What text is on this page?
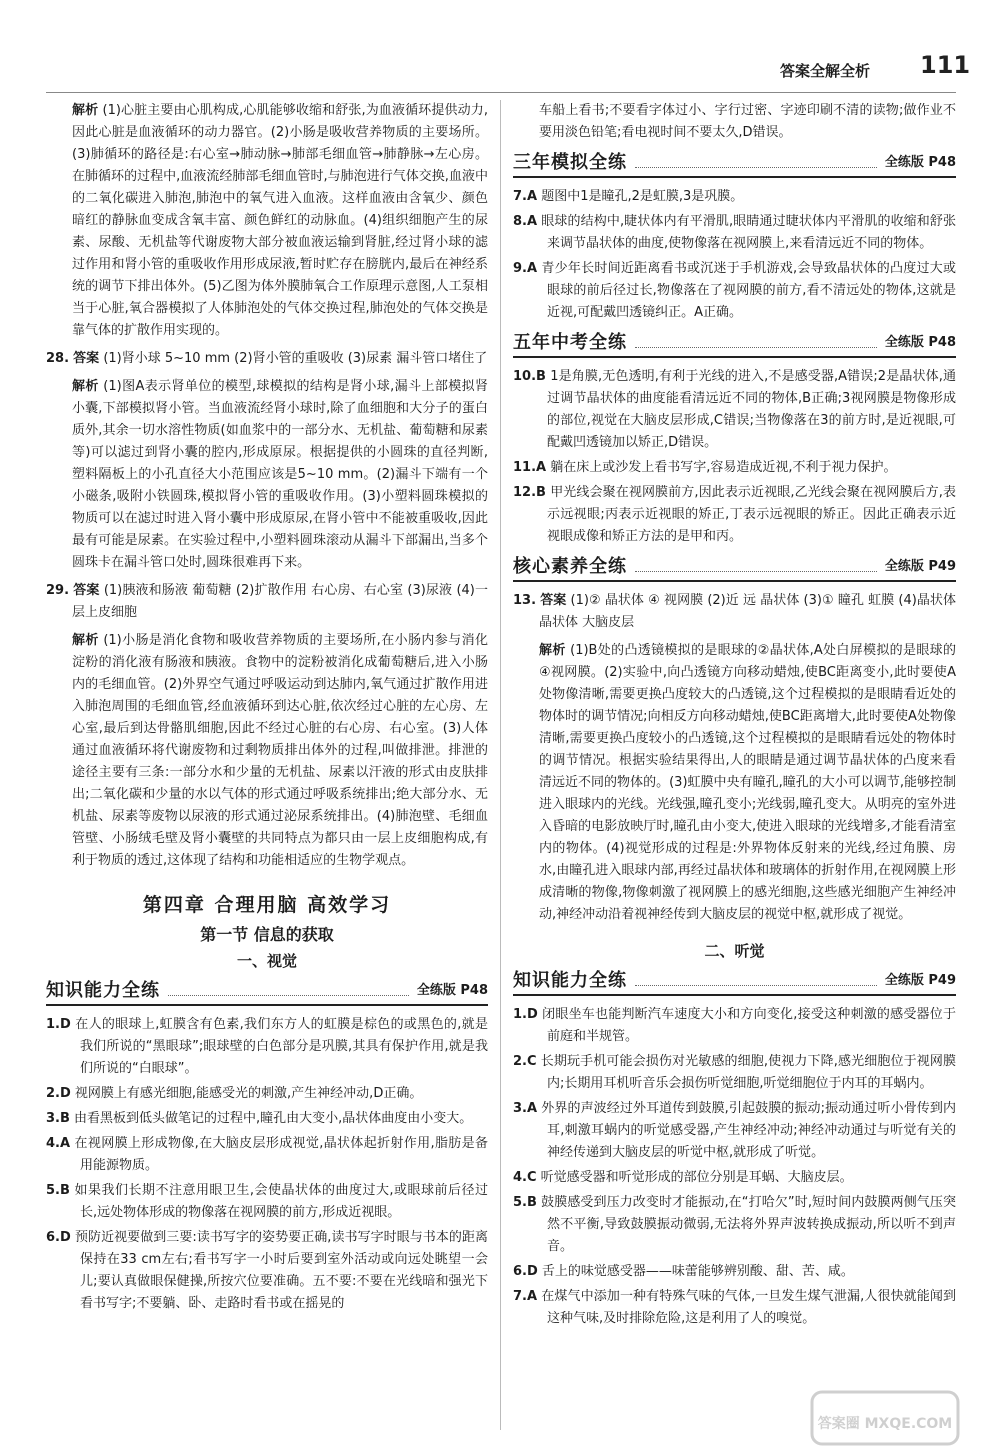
答案全解全析 111
解析 (1)心脏主要由心肌构成,心肌能够收缩和舒张,为血液循环提供动力,因此心脏是血液循环的动力器官。(2)小肠是吸收营养物质的主要场所。(3)肺循环的路径是:右心室→肺动脉→肺部毛细血管→肺静脉→左心房。在肺循环的过程中,血液流经肺部毛细血管时,与肺泡进行气体交换,血液中的二氧化碳进入肺泡,肺泡中的氧气进入血液。这样血液由含氧少、颜色暗红的静脉血变成含氧丰富、颜色鲜红的动脉血。(4)组织细胞产生的尿素、尿酸、无机盐等代谢废物大部分被血液运输到肾脏,经过肾小球的滤过作用和肾小管的重吸收作用形成尿液,暂时贮存在膀胱内,最后在神经系统的调节下排出体外。(5)乙图为体外膜肺氧合工作原理示意图,人工泵相当于心脏,氧合器模拟了人体肺泡处的气体交换过程,肺泡处的气体交换是靠气体的扩散作用实现的。
28. 答案 (1)肾小球 5~10 mm (2)肾小管的重吸收 (3)尿素 漏斗管口堵住了
解析 (1)图A表示肾单位的模型,球模拟的结构是肾小球,漏斗上部模拟肾小囊,下部模拟肾小管。当血液流经肾小球时,除了血细胞和大分子的蛋白质外,其余一切水溶性物质(如血浆中的一部分水、无机盐、葡萄糖和尿素等)可以滤过到肾小囊的腔内,形成原尿。根据提供的小圆珠的直径判断,塑料隔板上的小孔直径大小范围应该是5~10 mm。(2)漏斗下端有一个小磁条,吸附小铁圆珠,模拟肾小管的重吸收作用。(3)小塑料圆珠模拟的物质可以在滤过时进入肾小囊中形成原尿,在肾小管中不能被重吸收,因此最有可能是尿素。在实验过程中,小塑料圆珠滚动从漏斗下部漏出,当多个圆珠卡在漏斗管口处时,圆珠很难再下来。
29. 答案 (1)胰液和肠液 葡萄糖 (2)扩散作用 右心房、右心室 (3)尿液 (4)一层上皮细胞
解析 (1)小肠是消化食物和吸收营养物质的主要场所,在小肠内参与消化淀粉的消化液有肠液和胰液。食物中的淀粉被消化成葡萄糖后,进入小肠内的毛细血管。(2)外界空气通过呼吸运动到达肺内,氧气通过扩散作用进入肺泡周围的毛细血管,经血液循环到达心脏,依次经过心脏的左心房、左心室,最后到达骨骼肌细胞,因此不经过心脏的右心房、右心室。(3)人体通过血液循环将代谢废物和过剩物质排出体外的过程,叫做排泄。排泄的途径主要有三条:一部分水和少量的无机盐、尿素以汗液的形式由皮肤排出;二氧化碳和少量的水以气体的形式通过呼吸系统排出;绝大部分水、无机盐、尿素等废物以尿液的形式通过泌尿系统排出。(4)肺泡壁、毛细血管壁、小肠绒毛壁及肾小囊壁的共同特点为都只由一层上皮细胞构成,有利于物质的透过,这体现了结构和功能相适应的生物学观点。
第四章 合理用脑 高效学习
第一节 信息的获取
一、视觉
知识能力全练	全练版 P48
1.D 在人的眼球上,虹膜含有色素,我们东方人的虹膜是棕色的或黑色的,就是我们所说的“黑眼球”;眼球壁的白色部分是巩膜,其具有保护作用,就是我们所说的“白眼球”。
2.D 视网膜上有感光细胞,能感受光的刺激,产生神经冲动,D正确。
3.B 由看黑板到低头做笔记的过程中,瞳孔由大变小,晶状体曲度由小变大。
4.A 在视网膜上形成物像,在大脑皮层形成视觉,晶状体起折射作用,脂肪是备用能源物质。
5.B 如果我们长期不注意用眼卫生,会使晶状体的曲度过大,或眼球前后径过长,远处物体形成的物像落在视网膜的前方,形成近视眼。
6.D 预防近视要做到三要:读书写字的姿势要正确,读书写字时眼与书本的距离保持在33 cm左右;看书写字一小时后要到室外活动或向远处眺望一会儿;要认真做眼保健操,所按穴位要准确。五不要:不要在光线暗和强光下看书写字;不要躺、卧、走路时看书或在摇晃的
车船上看书;不要看字体过小、字行过密、字迹印刷不清的读物;做作业不要用淡色铅笔;看电视时间不要太久,D错误。
三年模拟全练	全练版 P48
7.A 题图中1是瞳孔,2是虹膜,3是巩膜。
8.A 眼球的结构中,睫状体内有平滑肌,眼睛通过睫状体内平滑肌的收缩和舒张来调节晶状体的曲度,使物像落在视网膜上,来看清远近不同的物体。
9.A 青少年长时间近距离看书或沉迷于手机游戏,会导致晶状体的凸度过大或眼球的前后径过长,物像落在了视网膜的前方,看不清远处的物体,这就是近视,可配戴凹透镜纠正。A正确。
五年中考全练	全练版 P48
10.B 1是角膜,无色透明,有利于光线的进入,不是感受器,A错误;2是晶状体,通过调节晶状体的曲度能看清远近不同的物体,B正确;3视网膜是物像形成的部位,视觉在大脑皮层形成,C错误;当物像落在3的前方时,是近视眼,可配戴凹透镜加以矫正,D错误。
11.A 躺在床上或沙发上看书写字,容易造成近视,不利于视力保护。
12.B 甲光线会聚在视网膜前方,因此表示近视眼,乙光线会聚在视网膜后方,表示远视眼;丙表示近视眼的矫正,丁表示远视眼的矫正。因此正确表示近视眼成像和矫正方法的是甲和丙。
核心素养全练	全练版 P49
13. 答案 (1)② 晶状体 ④ 视网膜 (2)近 远 晶状体 (3)① 瞳孔 虹膜 (4)晶状体 晶状体 大脑皮层
解析 (1)B处的凸透镜模拟的是眼球的②晶状体,A处白屏模拟的是眼球的④视网膜。(2)实验中,向凸透镜方向移动蜡烛,使BC距离变小,此时要使A处物像清晰,需要更换凸度较大的凸透镜,这个过程模拟的是眼睛看近处的物体时的调节情况;向相反方向移动蜡烛,使BC距离增大,此时要使A处物像清晰,需要更换凸度较小的凸透镜,这个过程模拟的是眼睛看远处的物体时的调节情况。根据实验结果得出,人的眼睛是通过调节晶状体的凸度来看清远近不同的物体的。(3)虹膜中央有瞳孔,瞳孔的大小可以调节,能够控制进入眼球内的光线。光线强,瞳孔变小;光线弱,瞳孔变大。从明亮的室外进入昏暗的电影放映厅时,瞳孔由小变大,使进入眼球的光线增多,才能看清室内的物体。(4)视觉形成的过程是:外界物体反射来的光线,经过角膜、房水,由瞳孔进入眼球内部,再经过晶状体和玻璃体的折射作用,在视网膜上形成清晰的物像,物像刺激了视网膜上的感光细胞,这些感光细胞产生神经冲动,神经冲动沿着视神经传到大脑皮层的视觉中枢,就形成了视觉。
二、听觉
知识能力全练	全练版 P49
1.D 闭眼坐车也能判断汽车速度大小和方向变化,接受这种刺激的感受器位于前庭和半规管。
2.C 长期玩手机可能会损伤对光敏感的细胞,使视力下降,感光细胞位于视网膜内;长期用耳机听音乐会损伤听觉细胞,听觉细胞位于内耳的耳蜗内。
3.A 外界的声波经过外耳道传到鼓膜,引起鼓膜的振动;振动通过听小骨传到内耳,刺激耳蜗内的听觉感受器,产生神经冲动;神经冲动通过与听觉有关的神经传递到大脑皮层的听觉中枢,就形成了听觉。
4.C 听觉感受器和听觉形成的部位分别是耳蜗、大脑皮层。
5.B 鼓膜感受到压力改变时才能振动,在“打哈欠”时,短时间内鼓膜两侧气压突然不平衡,导致鼓膜振动微弱,无法将外界声波转换成振动,所以听不到声音。
6.D 舌上的味觉感受器——味蕾能够辨别酸、甜、苦、咸。
7.A 在煤气中添加一种有特殊气味的气体,一旦发生煤气泄漏,人很快就能闻到这种气味,及时排除危险,这是利用了人的嗅觉。
答案圈 MXQE.COM
